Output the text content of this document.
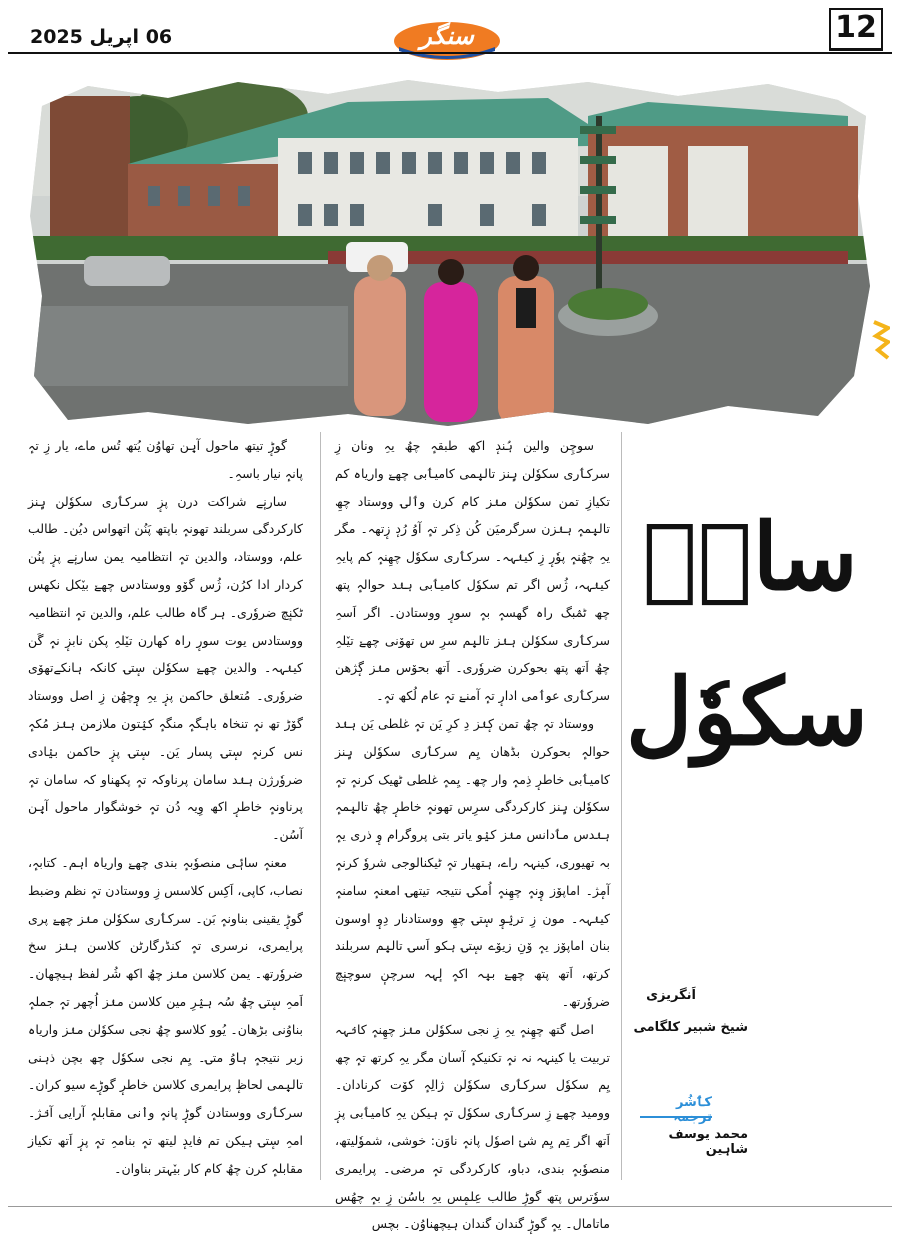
06 اپریل 2025	سنگر	12

سوچِن والین ہُندٕ اکھ طبقہٕ چھُ یہِ ونان زِ سرکٲری سکوٗلن ہٕنز تالیٖمی کامیٲبی چھےٚ واریاہ کم تکیازِ تمن سکوٗلن منٛز کام کرن وٲلۍ ووستاد چھِ تالیٖمہٕ ہنٛزن سرگرمیَن کُن ذِکر تہٕ آوُ رُدٕ زٕتھہ۔ مگر یہِ چھُنہٕ پوٗرٕ زِ کینٛہہ۔ سرکٲری سکوٗل چھِنہٕ کم پایہِ کینٛہہ، ژُس اگر تم سکوٗل کامیٲبی ہنٛد حوالہٕ پتھ چھ ٹمٛبگ راہ گھسہٕ بہٕ سورٕ ووستادن۔ اگر اَسہِ سرکٲری سکوٗلن ہنٛز تالیٖم سرِ س تھوٚنی چھےٚ تیٚلہِ چھُ اَتھ پتھ بحوکرن ضروٗری۔ اَتھ بحوٚس منٛز گٕژھن سرکٲری عوٲمی ادارٕ تہٕ آمنےٚ تہٕ عام لُکھ تہٕ۔

ووستاد تہٕ چھُ تمن کٕنٛز دِ کرِ یَن تہٕ غلطی یَن ہنٛد حوالہٕ بحوکرن بڈھان یِم سرکٲری سکوٗلن ہٕنز کامیٲبی خاطرٕ ذِمہٕ وار چھ۔ یِمہٕ غلطی ٹھیک کرنہٕ تہٕ سکوٗلن ہٕنز کارکردگی سرِس تھونہٕ خاطرٕ چھُ تالیٖمہٕ ہنٛدس مٲدانس منٛز کیٛو یاتر بتی پروگرام وٕ ذری یہٕ بہ تھیوری، کینہہ راے، ہتھیار تہٕ ٹیکنالوجی شروٗ کرنہٕ آمٕژ۔ اماپوٚز وٕنہٕ چھِنہٕ اُمکۍ نتیجہ تیتھۍ امعنہٕ سامنہٕ کینٛہہ۔ مون زِ تریٛوٕ سٕتۍ چھِ ووستادنار دِوٕ اوسون بنان اماپوٚز یہٕ وٚنِ زیوٚے سٕتۍ ہکو اَسۍ تالیٖم سربلند کرتھ، اَتھ پتھ چھےٚ بیٖہ اکہٕ لٕہہ سرچنٕ سوچنٕچ ضروٗرتھ۔

اصل گتھ چھِنہٕ یہِ زِ نجی سکوٗلن منٛز چھِنہٕ کانٛہہ تربیت یا کینہہ نہ نہٕ تکنیکہٕ آسان مگر یہِ کرتھ تہٕ چھ یِم سکوٗل سرکٲری سکوٗلن ژالِہٕ کوٚت کرنادان۔ وومید چھےٚ زِ سرکٲری سکوٗل تہٕ ہیکن یہِ کامیٲبی پزٕ اَتھ اگر تِم یِم شیٛ اصوٗل پانہٕ ناوَن: خوشی، شموٗلیتھ، منصوٗبہٕ بندی، دباو، کارکردگی تہٕ مرضی۔ پرایمری سوٗترس پتھ گوڑٕ طالب عِلمٕس یہِ باسُن زِ بہٕ چھُس ماتامال۔ یہٕ گوڑٕ گندان گندان ہیچھناوُن۔ بچس

گوڑٕ تیتھ ماحول آیٖن تھاوُن یُتھ تُس ماے، یار زِ تہٕ پانہٕ نیار باسہِ۔

سارنٕے شراکت درن پزٕ سرکٲری سکوٗلن ہٕنز کارکردگی سربلند تھونہٕ باپتھ پَنُن اتھواس دیُن۔ طالب علم، ووستاد، والدین تہٕ انتظامیہ یمن سارنٕے پزٕ پنُن کردار ادا کرُن، ژُس گوٚو ووستادس چھےٚ بیٚکل نکھس ٹکنٕچ ضروٗری۔ ہر گاہ طالب علم، والدین تہٕ انتظامیہ ووستادس یوت سورٕ راہ کھارن تیٚلہِ پکن نابزٕ نہٕ گَن کینٛہہ۔ والدین چھےٚ سکوٗلن سٕتۍ کانکہ ہانکےتھوٚی ضروٗری۔ مُتعلق حاکمن پزٕ یہِ وٕچھُن زِ اصل ووستاد گوٚڑ تھ نہٕ تنخاہ باہگہٕ منگہٕ کیٛتون ملازمن ہنٛز مُکہٕ نس کرنہٕ سٕتۍ پسار یَن۔ سٕتۍ پزٕ حاکمن بیٛادی ضروٗرژن ہنٛد سامان پرناوکہ تہٕ پکھناو کہ سامان تہٕ پرناونہٕ خاطرٕ اکھ وِیہ دُن تہٕ خوشگوار ماحول آیٖن آسُن۔

معنہٕ سائٖی منصوٗبہٕ بندی چھےٚ واریاہ اہم۔ کتابہٕ، نصاب، کاپی، اَکِس کلاسس زِ ووستادن تہٕ نظم وضبط گوڑٕ یقینی بناونہٕ بَن۔ سرکٲری سکوٗلن منٛز چھےٚ پری پرایمری، نرسری تہٕ کنڈرگارٹن کلاسن ہنٛز سخ ضروٗرتھ۔ یمن کلاسن منٛز چھُ اکھ شُر لفظ ہیچھان۔ اَمہِ سٕتۍ چھُ سُہ ہیٛرِ مین کلاسن منٛز اُچھر تہٕ جملہٕ بناوُنی بڑھان۔ یُوو کلاسو چھُ نجی سکوٗلن منٛز واریاہ زبر نتیجہٕ ہاوُ متۍ۔ یِم نجی سکوٗل چھ بچن ذہنی تالیٖمی لحاظٕ پرایمری کلاسن خاطرٕ گوڑٕے سیو کران۔ سرکٲری ووستادن گوڑٕ پانہٕ واٛنی مقابلہٕ آرایی آنٛژ۔ امہِ سٕتۍ ہیکن تم فایدٕ لیتھ تہٕ بنامہِ تہٕ پزٕ اَتھ تکیاز مقابلہٕ کرن چھُ کام کار بیٚہتر بناوان۔

سائٖ
سکوٗل
اَنگریزی
شیخ شبیر کلگامی
کٲشُر
محمد یوسف شاہین
